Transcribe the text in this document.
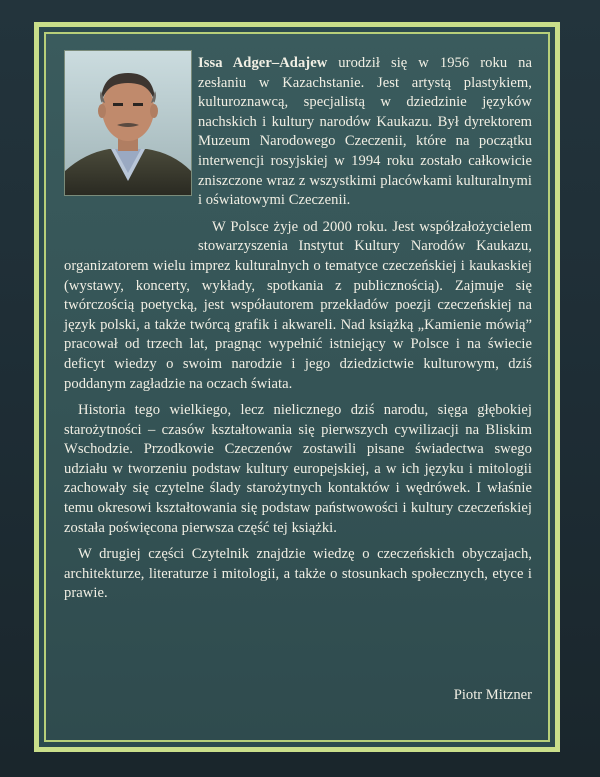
Issa Adger–Adajew urodził się w 1956 roku na zesłaniu w Kazachstanie. Jest artystą plastykiem, kulturoznawcą, specjalistą w dziedzinie języków nachskich i kultury narodów Kaukazu. Był dyrektorem Muzeum Narodowego Czeczenii, które na początku interwencji rosyjskiej w 1994 roku zostało całkowicie zniszczone wraz z wszystkimi placówkami kulturalnymi i oświatowymi Czeczenii.

W Polsce żyje od 2000 roku. Jest współzałożycielem stowarzyszenia Instytut Kultury Narodów Kaukazu, organizatorem wielu imprez kulturalnych o tematyce czeczeńskiej i kaukaskiej (wystawy, koncerty, wykłady, spotkania z publicznością). Zajmuje się twórczością poetycką, jest współautorem przekładów poezji czeczeńskiej na język polski, a także twórcą grafik i akwareli. Nad książką „Kamienie mówią” pracował od trzech lat, pragnąc wypełnić istniejący w Polsce i na świecie deficyt wiedzy o swoim narodzie i jego dziedzictwie kulturowym, dziś poddanym zagładzie na oczach świata.

Historia tego wielkiego, lecz nielicznego dziś narodu, sięga głębokiej starożytności – czasów kształtowania się pierwszych cywilizacji na Bliskim Wschodzie. Przodkowie Czeczenów zostawili pisane świadectwa swego udziału w tworzeniu podstaw kultury europejskiej, a w ich języku i mitologii zachowały się czytelne ślady starożytnych kontaktów i wędrówek. I właśnie temu okresowi kształtowania się podstaw państwowości i kultury czeczeńskiej została poświęcona pierwsza część tej książki.

W drugiej części Czytelnik znajdzie wiedzę o czeczeńskich obyczajach, architekturze, literaturze i mitologii, a także o stosunkach społecznych, etyce i prawie.

Piotr Mitzner
